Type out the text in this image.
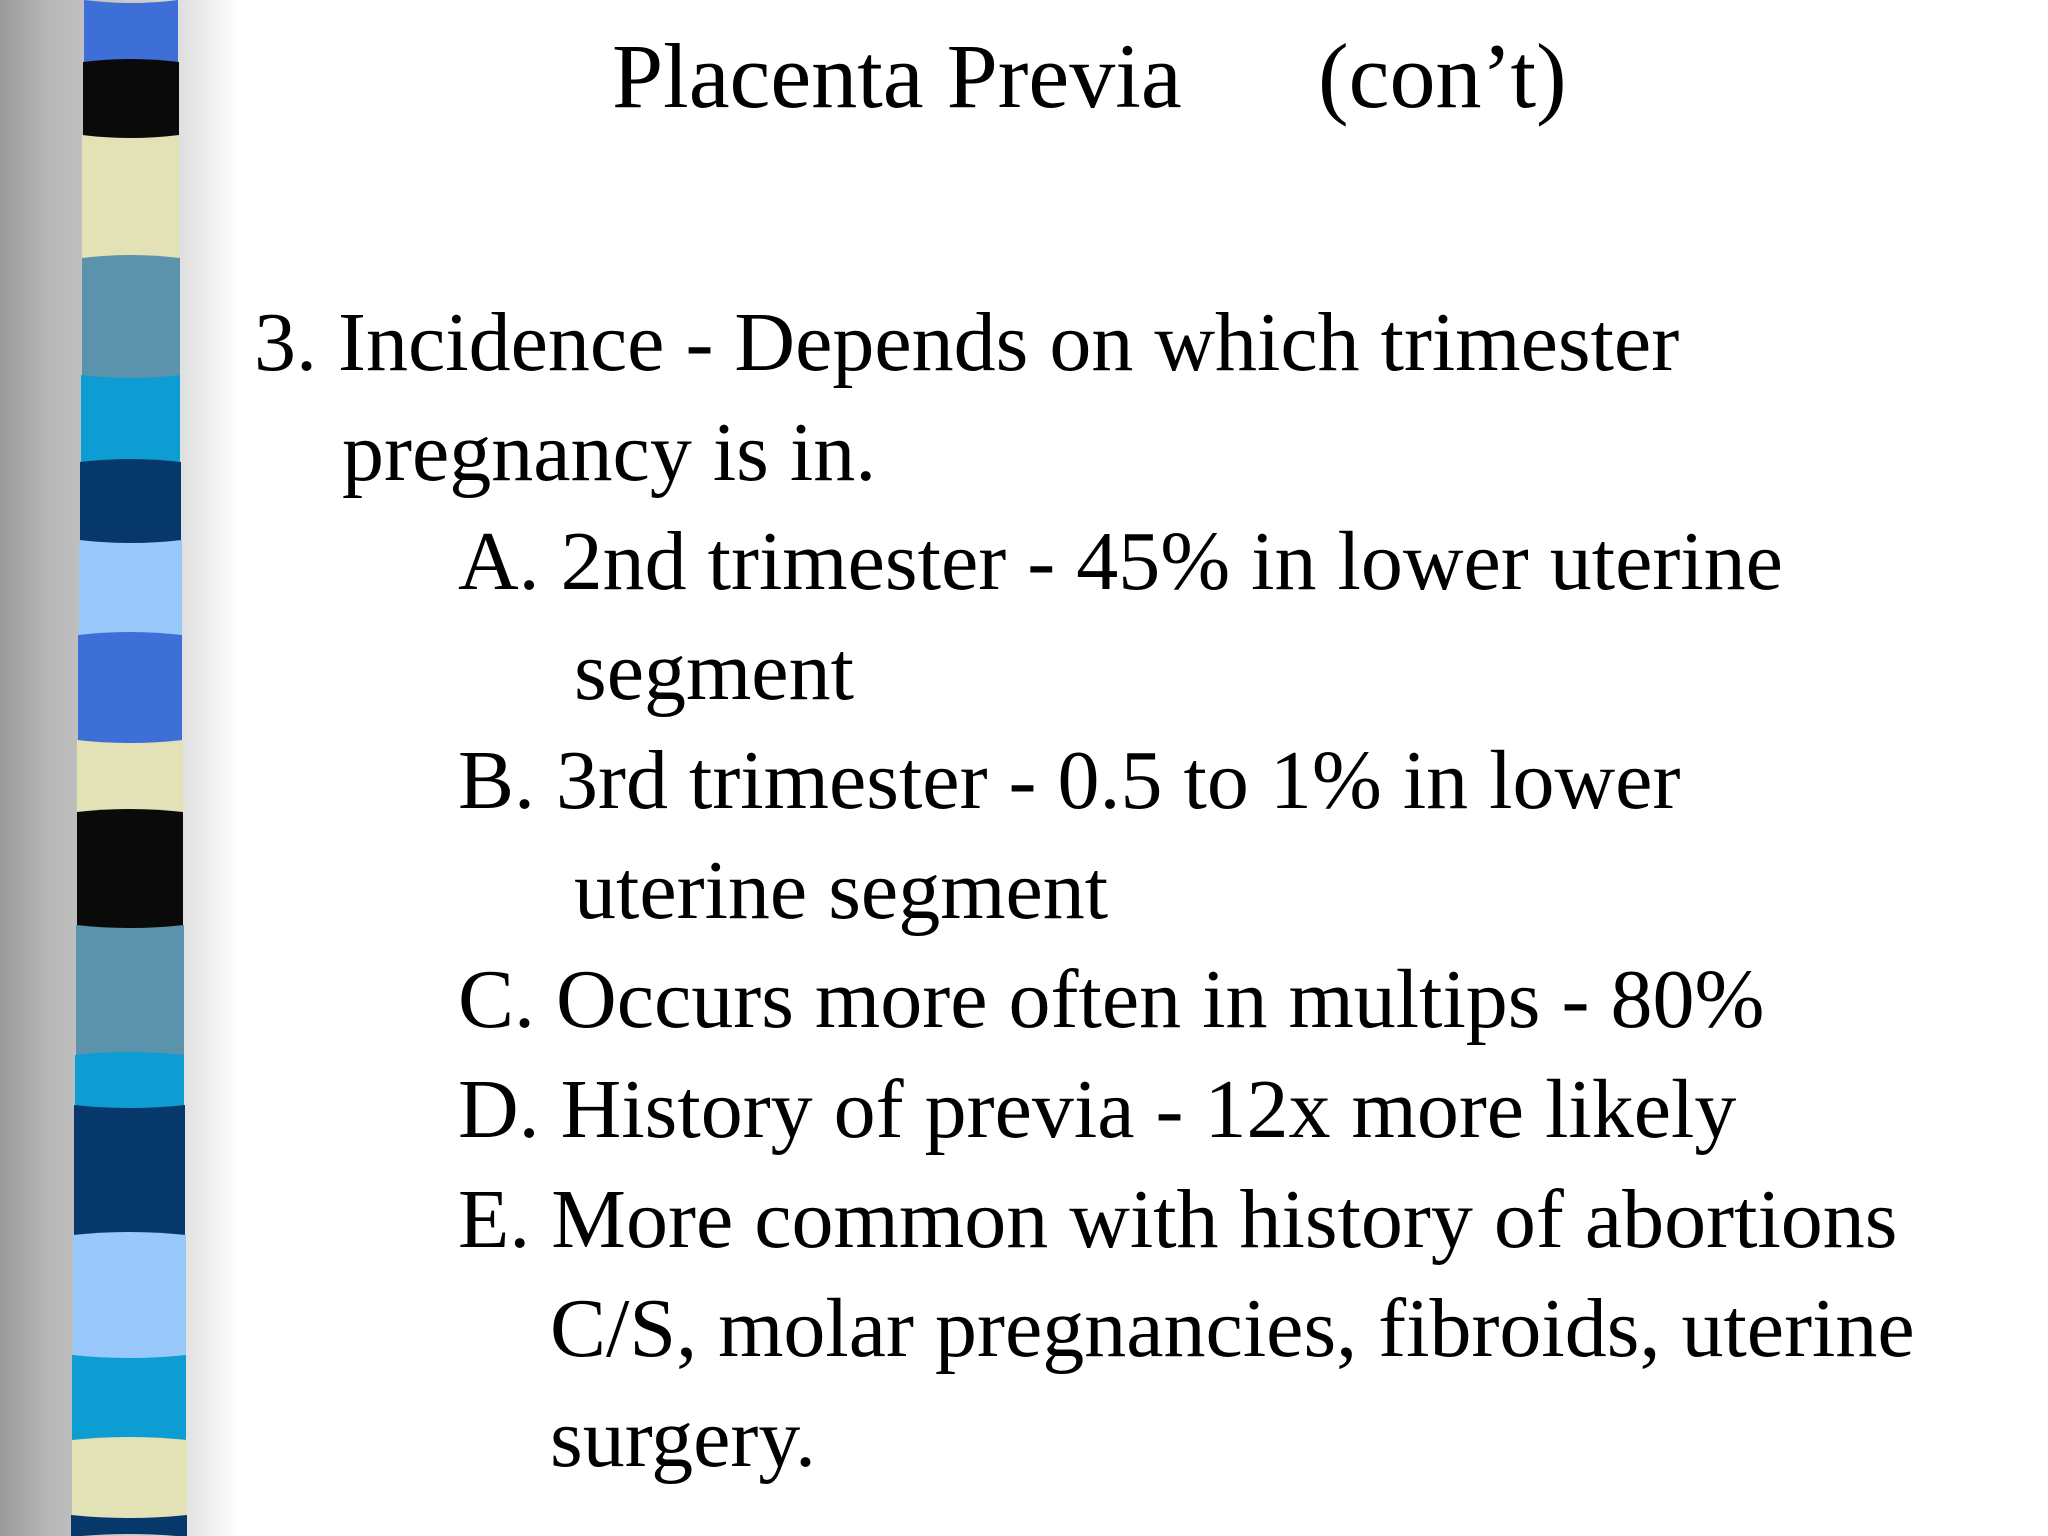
Placenta Previa (con’t)
3. Incidence - Depends on which trimester
pregnancy is in.
A. 2nd trimester - 45% in lower uterine
segment
B. 3rd trimester - 0.5 to 1% in lower
uterine segment
C. Occurs more often in multips - 80%
D. History of previa - 12x more likely
E. More common with history of abortions
C/S, molar pregnancies, fibroids, uterine
surgery.
